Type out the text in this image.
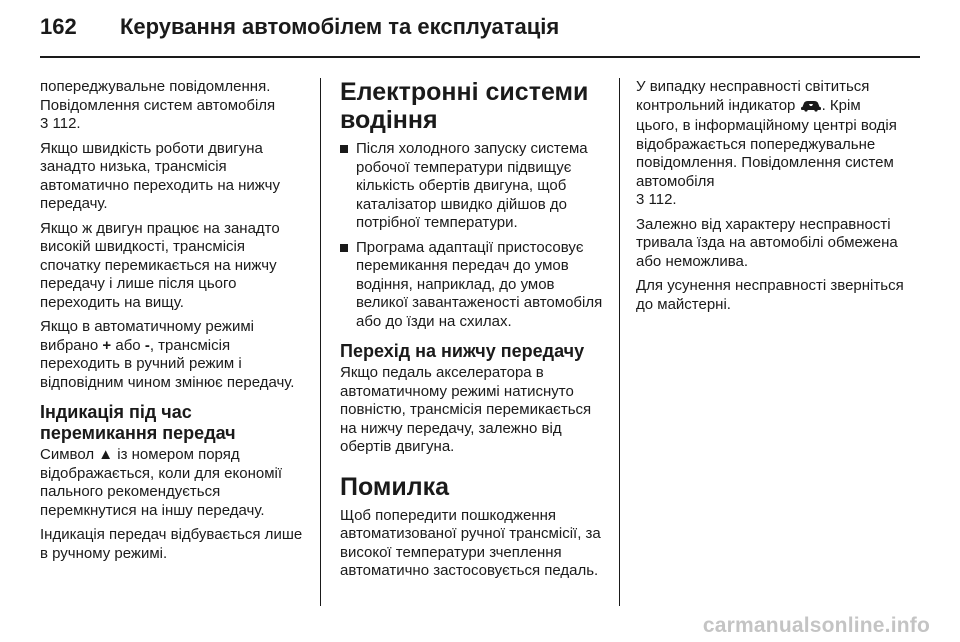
162	Керування автомобілем та експлуатація

попереджувальне повідомлення. Повідомлення систем автомобіля
3 112.

Якщо швидкість роботи двигуна занадто низька, трансмісія автоматично переходить на нижчу передачу.

Якщо ж двигун працює на занадто високій швидкості, трансмісія спочатку перемикається на нижчу передачу і лише після цього переходить на вищу.

Якщо в автоматичному режимі вибрано + або -, трансмісія переходить в ручний режим і відповідним чином змінює передачу.

Індикація під час перемикання передач

Символ ▲ із номером поряд відображається, коли для економії пального рекомендується перемкнутися на іншу передачу.

Індикація передач відбувається лише в ручному режимі.

Електронні системи водіння
Після холодного запуску система робочої температури підвищує кількість обертів двигуна, щоб каталізатор швидко дійшов до потрібної температури.
Програма адаптації пристосовує перемикання передач до умов водіння, наприклад, до умов великої завантаженості автомобіля або до їзди на схилах.
Перехід на нижчу передачу

Якщо педаль акселератора в автоматичному режимі натиснуто повністю, трансмісія перемикається на нижчу передачу, залежно від обертів двигуна.

Помилка

Щоб попередити пошкодження автоматизованої ручної трансмісії, за високої температури зчеплення автоматично застосовується педаль.

У випадку несправності світиться контрольний індикатор . Крім цього, в інформаційному центрі водія відображається попереджувальне повідомлення. Повідомлення систем автомобіля
3 112.

Залежно від характеру несправності тривала їзда на автомобілі обмежена або неможлива.

Для усунення несправності зверніться до майстерні.

carmanualsonline.info
